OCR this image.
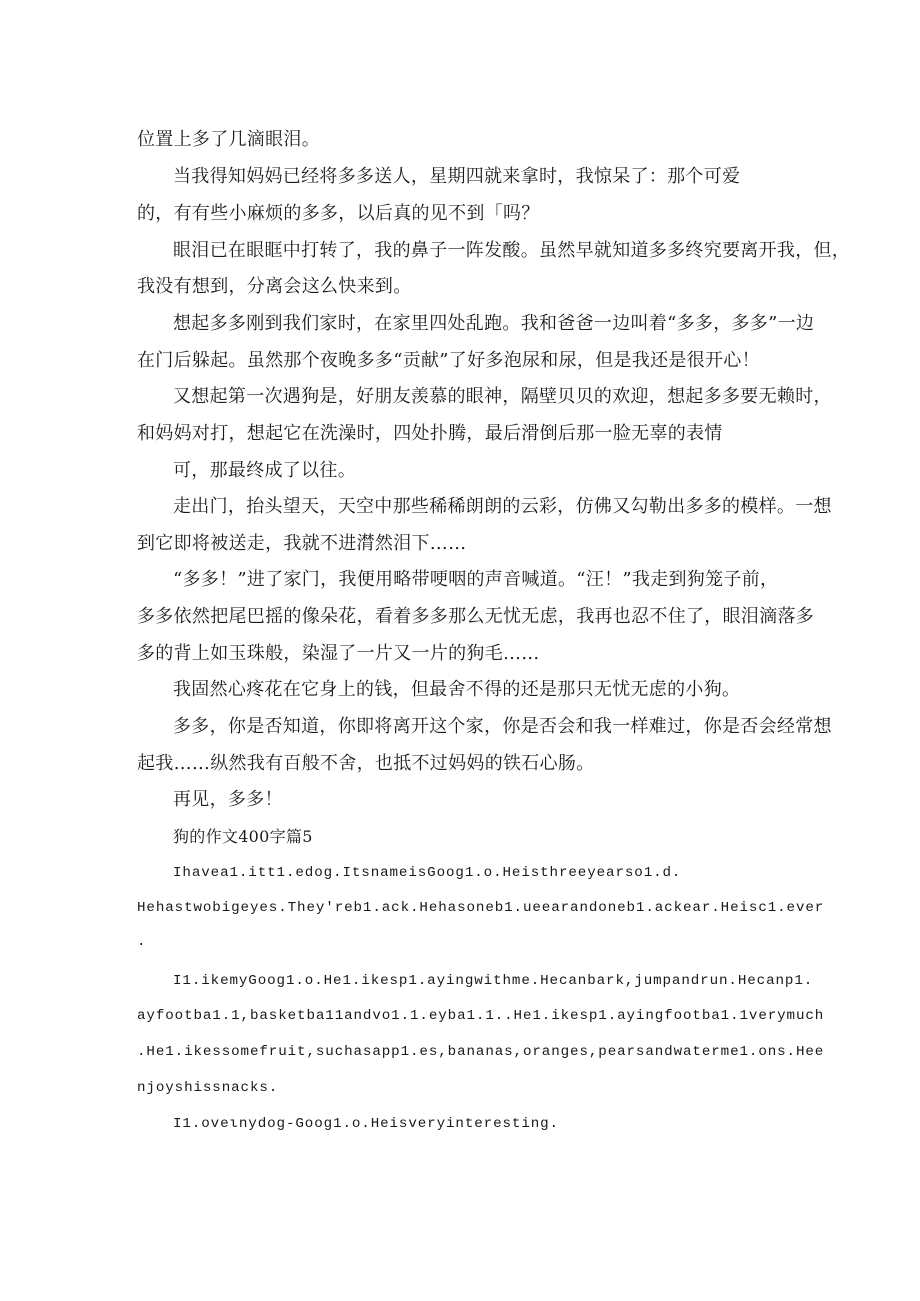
位置上多了几滴眼泪。
当我得知妈妈已经将多多送人，星期四就来拿时，我惊呆了：那个可爱
的，有有些小麻烦的多多，以后真的见不到「吗？
眼泪已在眼眶中打转了，我的鼻子一阵发酸。虽然早就知道多多终究要离开我，但，
我没有想到，分离会这么快来到。
想起多多刚到我们家时，在家里四处乱跑。我和爸爸一边叫着“多多，多多”一边
在门后躲起。虽然那个夜晚多多“贡献”了好多泡尿和尿，但是我还是很开心！
又想起第一次遇狗是，好朋友羡慕的眼神，隔壁贝贝的欢迎，想起多多要无赖时，
和妈妈对打，想起它在洗澡时，四处扑腾，最后滑倒后那一脸无辜的表情
可，那最终成了以往。
走出门，抬头望天，天空中那些稀稀朗朗的云彩，仿佛又勾勒出多多的模样。一想
到它即将被送走，我就不进潸然泪下……
“多多！”进了家门，我便用略带哽咽的声音喊道。“汪！”我走到狗笼子前，
多多依然把尾巴摇的像朵花，看着多多那么无忧无虑，我再也忍不住了，眼泪滴落多
多的背上如玉珠般，染湿了一片又一片的狗毛……
我固然心疼花在它身上的钱，但最舍不得的还是那只无忧无虑的小狗。
多多，你是否知道，你即将离开这个家，你是否会和我一样难过，你是否会经常想
起我……纵然我有百般不舍，也抵不过妈妈的铁石心肠。
再见，多多！
狗的作文400字篇5
Ihavea1.itt1.edog.ItsnameisGoog1.o.Heisthreeyearso1.d.
Hehastwobigeyes.They'reb1.ack.Hehasoneb1.ueearandoneb1.ackear.Heisc1.ever
.
I1.ikemyGoog1.o.He1.ikesp1.ayingwithme.Hecanbark,jumpandrun.Hecanp1.
ayfootba1.1,basketba11andvo1.1.eyba1.1..He1.ikesp1.ayingfootba1.1verymuch
.He1.ikessomefruit,suchasapp1.es,bananas,oranges,pearsandwaterme1.ons.Hee
njoyshissnacks.
I1.oveιnydog-Goog1.o.Heisveryinteresting.
